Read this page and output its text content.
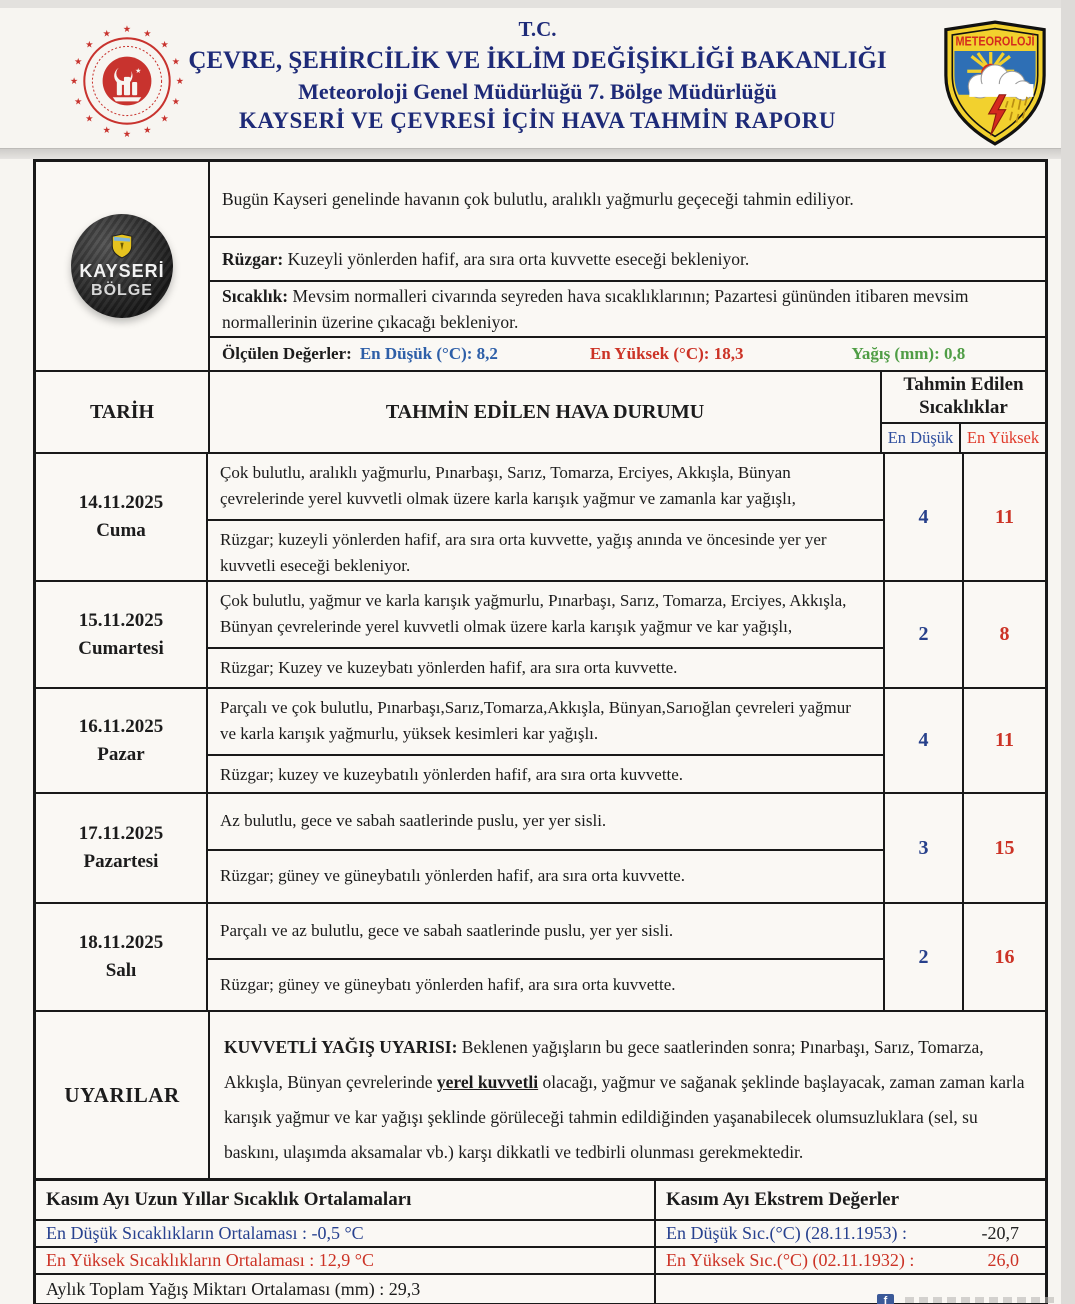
★
★
★
★
★
★
★
★
★
★
★
★ ★ ★
★
★
★
T.C.
ÇEVRE, ŞEHİRCİLİK VE İKLİM DEĞİŞİKLİĞİ BAKANLIĞI
Meteoroloji Genel Müdürlüğü 7. Bölge Müdürlüğü
KAYSERİ VE ÇEVRESİ İÇİN HAVA TAHMİN RAPORU
METEOROLOJİ
KAYSERİ
BÖLGE
Bugün Kayseri genelinde havanın çok bulutlu, aralıklı yağmurlu geçeceği tahmin ediliyor.
Rüzgar: Kuzeyli yönlerden hafif, ara sıra orta kuvvette eseceği bekleniyor.
Sıcaklık: Mevsim normalleri civarında seyreden hava sıcaklıklarının; Pazartesi gününden itibaren mevsim normallerinin üzerine çıkacağı bekleniyor.
Ölçülen Değerler: En Düşük (°C): 8,2	En Yüksek (°C): 18,3	Yağış (mm): 0,8
TARİH	TAHMİN EDİLEN HAVA DURUMU
Tahmin Edilen
Sıcaklıklar
En Düşük En Yüksek
14.11.2025
Cuma
Çok bulutlu, aralıklı yağmurlu, Pınarbaşı, Sarız, Tomarza, Erciyes, Akkışla, Bünyan çevrelerinde yerel kuvvetli olmak üzere karla karışık yağmur ve zamanla kar yağışlı,
Rüzgar; kuzeyli yönlerden hafif, ara sıra orta kuvvette, yağış anında ve öncesinde yer yer kuvvetli eseceği bekleniyor.
4	11
15.11.2025
Cumartesi
Çok bulutlu, yağmur ve karla karışık yağmurlu, Pınarbaşı, Sarız, Tomarza, Erciyes, Akkışla, Bünyan çevrelerinde yerel kuvvetli olmak üzere karla karışık yağmur ve kar yağışlı,
Rüzgar; Kuzey ve kuzeybatı yönlerden hafif, ara sıra orta kuvvette.
2	8
16.11.2025
Pazar
Parçalı ve çok bulutlu, Pınarbaşı,Sarız,Tomarza,Akkışla, Bünyan,Sarıoğlan çevreleri yağmur ve karla karışık yağmurlu, yüksek kesimleri kar yağışlı.
Rüzgar; kuzey ve kuzeybatılı yönlerden hafif, ara sıra orta kuvvette.
4	11
17.11.2025
Pazartesi
Az bulutlu, gece ve sabah saatlerinde puslu, yer yer sisli.
Rüzgar; güney ve güneybatılı yönlerden hafif, ara sıra orta kuvvette.
3	15
18.11.2025
Salı
Parçalı ve az bulutlu, gece ve sabah saatlerinde puslu, yer yer sisli.
Rüzgar; güney ve güneybatı yönlerden hafif, ara sıra orta kuvvette.
2	16
UYARILAR
KUVVETLİ YAĞIŞ UYARISI: Beklenen yağışların bu gece saatlerinden sonra; Pınarbaşı, Sarız, Tomarza, Akkışla, Bünyan çevrelerinde yerel kuvvetli olacağı, yağmur ve sağanak şeklinde başlayacak, zaman zaman karla karışık yağmur ve kar yağışı şeklinde görüleceği tahmin edildiğinden yaşanabilecek olumsuzluklara (sel, su baskını, ulaşımda aksamalar vb.) karşı dikkatli ve tedbirli olunması gerekmektedir.
Kasım Ayı Uzun Yıllar Sıcaklık Ortalamaları
En Düşük Sıcaklıkların Ortalaması : -0,5 °C
En Yüksek Sıcaklıkların Ortalaması : 12,9 °C
Aylık Toplam Yağış Miktarı Ortalaması (mm) : 29,3
Kasım Ayı Ekstrem Değerler
En Düşük Sıc.(°C) (28.11.1953) :	-20,7
En Yüksek Sıc.(°C) (02.11.1932) :	26,0
f
